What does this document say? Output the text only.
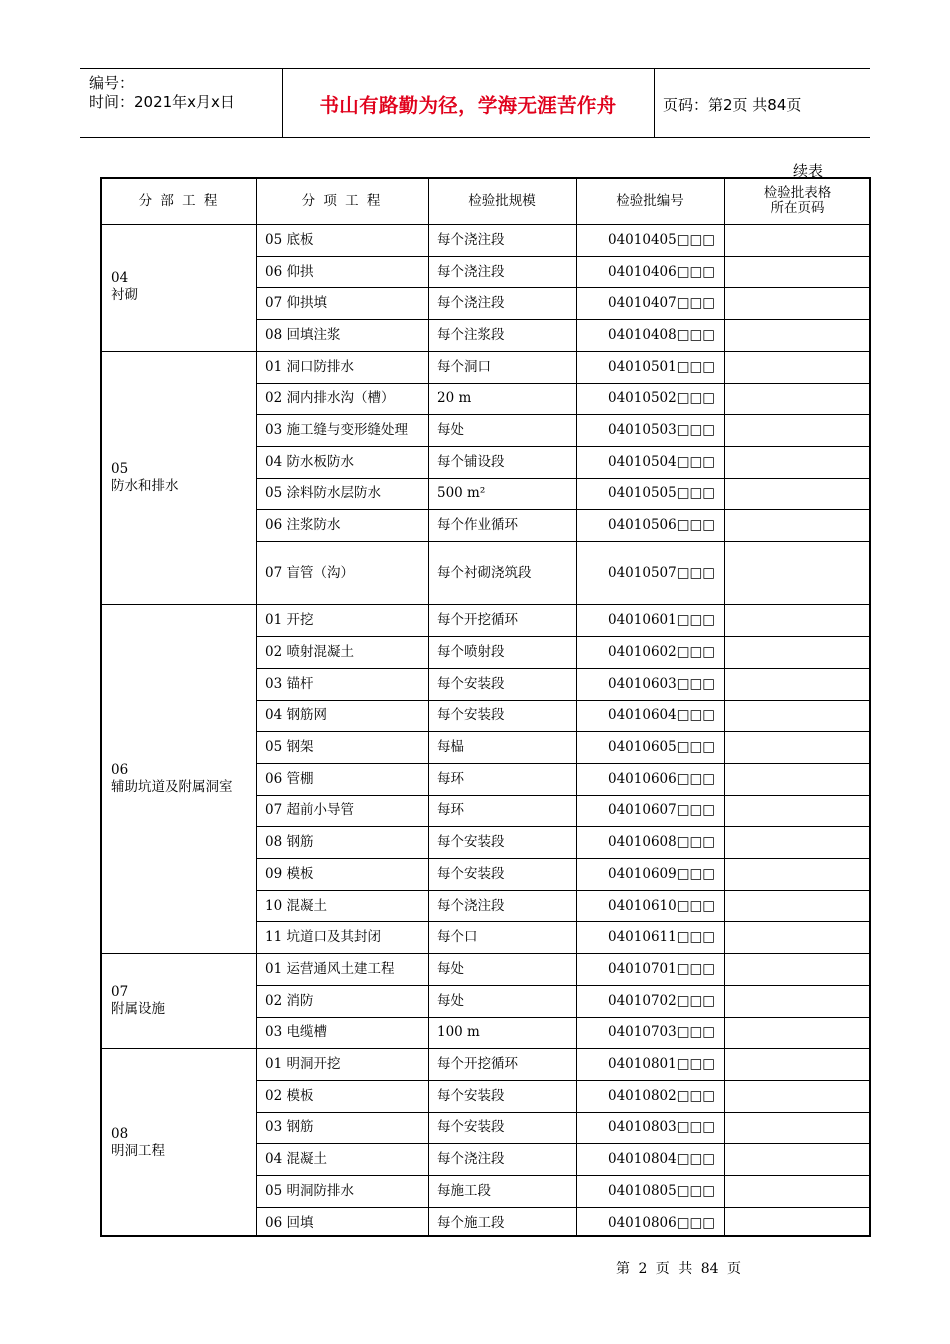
编号：
时间：2021年x月x日	书山有路勤为径，学海无涯苦作舟	页码：第2页 共84页
续表
分 部 工 程	分 项 工 程	检验批规模	检验批编号	检验批表格
所在页码
05 底板	每个浇注段	04010405□□□
06 仰拱	每个浇注段	04010406□□□
07 仰拱填	每个浇注段	04010407□□□
08 回填注浆	每个注浆段	04010408□□□
04
衬砌
01 洞口防排水	每个洞口	04010501□□□
02 洞内排水沟（槽）	20 m	04010502□□□
03 施工缝与变形缝处理 每处	04010503□□□
04 防水板防水	每个铺设段	04010504□□□
05 涂料防水层防水	500 m²	04010505□□□
06 注浆防水	每个作业循环	04010506□□□
07 盲管（沟）	每个衬砌浇筑段	04010507□□□
05
防水和排水
01 开挖	每个开挖循环	04010601□□□
02 喷射混凝土	每个喷射段	04010602□□□
03 锚杆	每个安装段	04010603□□□
04 钢筋网	每个安装段	04010604□□□
05 钢架	每榀	04010605□□□
06 管棚	每环	04010606□□□
07 超前小导管	每环	04010607□□□
08 钢筋	每个安装段	04010608□□□
09 模板	每个安装段	04010609□□□
10 混凝土	每个浇注段	04010610□□□
11 坑道口及其封闭	每个口	04010611□□□
06
辅助坑道及附属洞室
01 运营通风土建工程	每处	04010701□□□
02 消防	每处	04010702□□□
03 电缆槽	100 m	04010703□□□
07
附属设施
01 明洞开挖	每个开挖循环	04010801□□□
02 模板	每个安装段	04010802□□□
03 钢筋	每个安装段	04010803□□□
04 混凝土	每个浇注段	04010804□□□
05 明洞防排水	每施工段	04010805□□□
06 回填	每个施工段	04010806□□□
08
明洞工程
第 2 页 共 84 页
